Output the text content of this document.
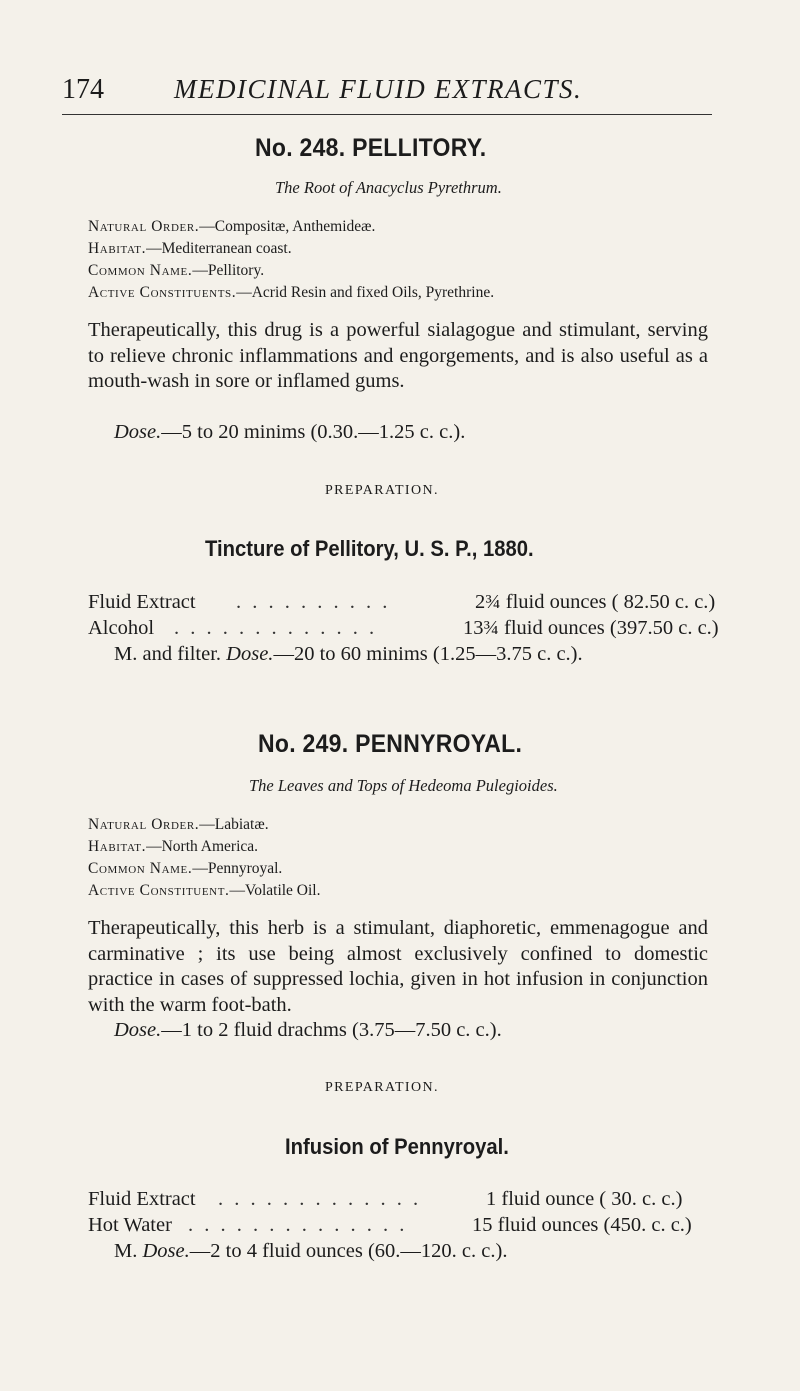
174	MEDICINAL FLUID EXTRACTS.
No. 248. PELLITORY.
The Root of Anacyclus Pyrethrum.
Natural Order.—Compositæ, Anthemideæ.
Habitat.—Mediterranean coast.
Common Name.—Pellitory.
Active Constituents.—Acrid Resin and fixed Oils, Pyrethrine.
Therapeutically, this drug is a powerful sialagogue and stimulant, serving to relieve chronic inflammations and engorgements, and is also useful as a mouth-wash in sore or inflamed gums.
Dose.—5 to 20 minims (0.30.—1.25 c. c.).
PREPARATION.
Tincture of Pellitory, U. S. P., 1880.
Fluid Extract . . . . . . . . . .	2¾ fluid ounces ( 82.50 c. c.)
Alcohol . . . . . . . . . . . . .	13¾ fluid ounces (397.50 c. c.)
M. and filter. Dose.—20 to 60 minims (1.25—3.75 c. c.).
No. 249. PENNYROYAL.
The Leaves and Tops of Hedeoma Pulegioides.
Natural Order.—Labiatæ.
Habitat.—North America.
Common Name.—Pennyroyal.
Active Constituent.—Volatile Oil.
Therapeutically, this herb is a stimulant, diaphoretic, emmenagogue and carminative ; its use being almost exclusively confined to domestic practice in cases of suppressed lochia, given in hot infusion in conjunction with the warm foot-bath.
Dose.—1 to 2 fluid drachms (3.75—7.50 c. c.).
PREPARATION.
Infusion of Pennyroyal.
Fluid Extract . . . . . . . . . . . . .	1 fluid ounce ( 30. c. c.)
Hot Water . . . . . . . . . . . . . .	15 fluid ounces (450. c. c.)
M. Dose.—2 to 4 fluid ounces (60.—120. c. c.).
